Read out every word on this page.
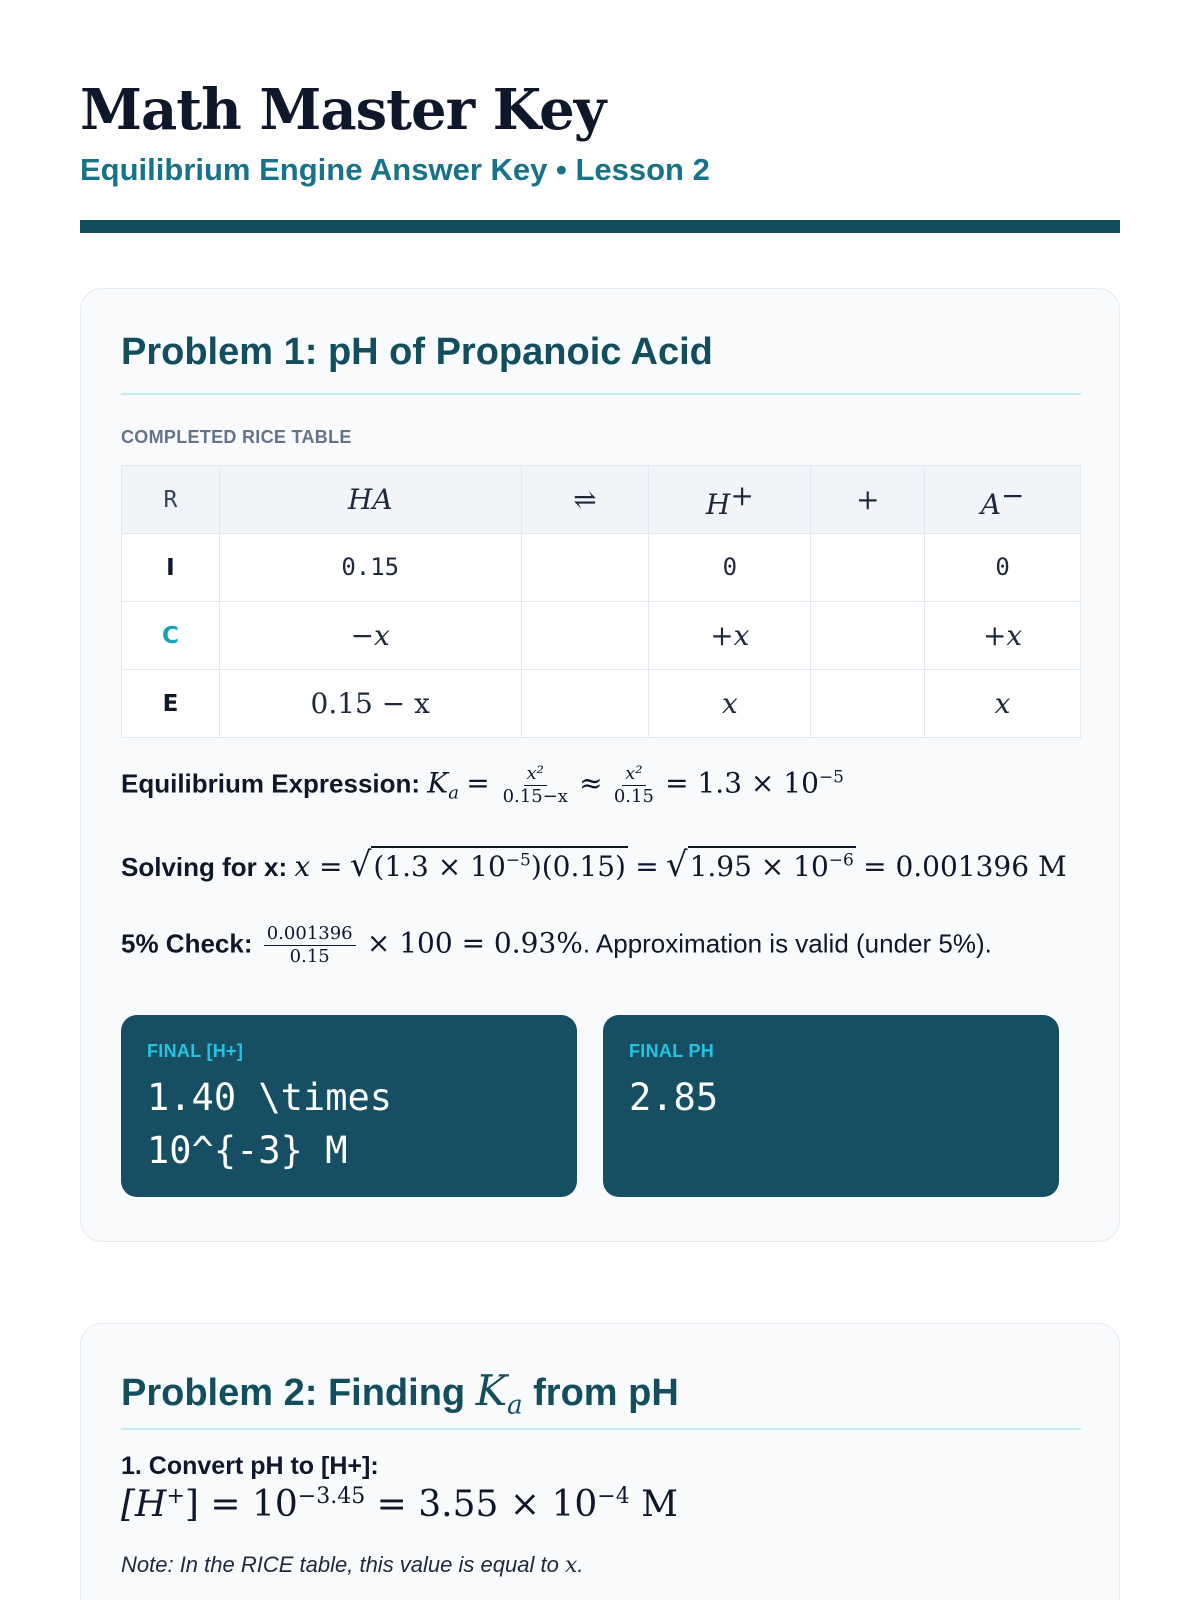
Math Master Key
Equilibrium Engine Answer Key • Lesson 2
Problem 1: pH of Propanoic Acid
COMPLETED RICE TABLE
R	HA	⇌	H+	+	A−
I	0.15		0		0
C	−x		+x		+x
E	0.15 − x		x		x
Equilibrium Expression: $K_a = \frac{\text{x²}}{0.15-x} \approx \frac{\text{x²}}{0.15} = 1.3 \times 10^{-5}$
Solving for x: $x = √(1.3 \times 10^{-5})(0.15) = √1.95 \times 10^{-6} = 0.001396$ M
5% Check: $\frac{0.001396}{0.15} \times 100 = 0.93\%$. Approximation is valid (under 5%).
FINAL [H+]
1.40 \times 10^{-3} M
FINAL PH
2.85
Problem 2: Finding $K_a$ from pH
1. Convert pH to [H+]:
$[H^+] = 10^{-3.45} = 3.55 \times 10^{-4}$ M
Note: In the RICE table, this value is equal to x.
